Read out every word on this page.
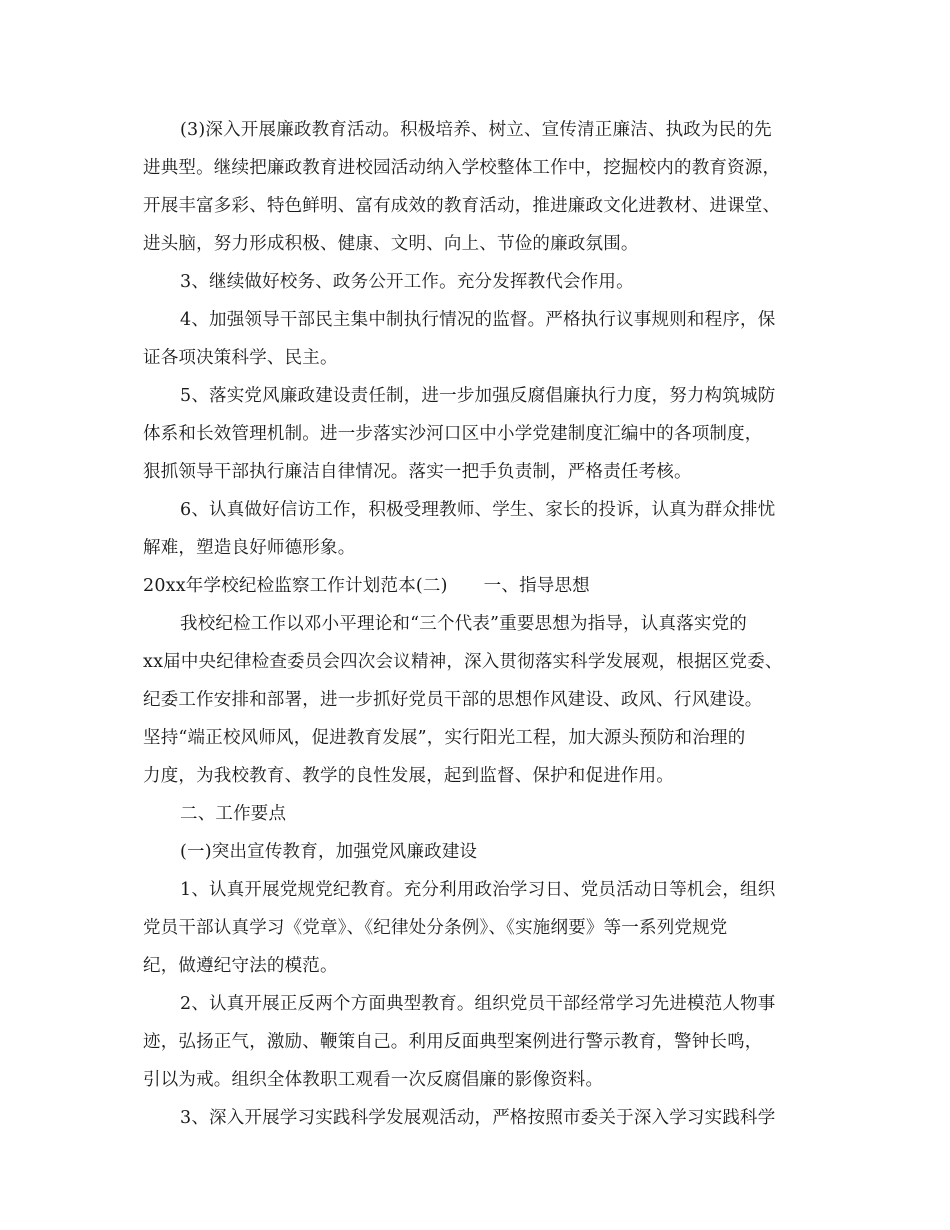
(3)深入开展廉政教育活动。积极培养、树立、宣传清正廉洁、执政为民的先
进典型。继续把廉政教育进校园活动纳入学校整体工作中，挖掘校内的教育资源，
开展丰富多彩、特色鲜明、富有成效的教育活动，推进廉政文化进教材、进课堂、
进头脑，努力形成积极、健康、文明、向上、节俭的廉政氛围。
3、继续做好校务、政务公开工作。充分发挥教代会作用。
4、加强领导干部民主集中制执行情况的监督。严格执行议事规则和程序，保
证各项决策科学、民主。
5、落实党风廉政建设责任制，进一步加强反腐倡廉执行力度，努力构筑城防
体系和长效管理机制。进一步落实沙河口区中小学党建制度汇编中的各项制度，
狠抓领导干部执行廉洁自律情况。落实一把手负责制，严格责任考核。
6、认真做好信访工作，积极受理教师、学生、家长的投诉，认真为群众排忧
解难，塑造良好师德形象。
20xx年学校纪检监察工作计划范本(二) 一、指导思想
我校纪检工作以邓小平理论和“三个代表”重要思想为指导，认真落实党的
xx届中央纪律检查委员会四次会议精神，深入贯彻落实科学发展观，根据区党委、
纪委工作安排和部署，进一步抓好党员干部的思想作风建设、政风、行风建设。
坚持“端正校风师风，促进教育发展”，实行阳光工程，加大源头预防和治理的
力度，为我校教育、教学的良性发展，起到监督、保护和促进作用。
二、工作要点
(一)突出宣传教育，加强党风廉政建设
1、认真开展党规党纪教育。充分利用政治学习日、党员活动日等机会，组织
党员干部认真学习《党章》、《纪律处分条例》、《实施纲要》等一系列党规党
纪，做遵纪守法的模范。
2、认真开展正反两个方面典型教育。组织党员干部经常学习先进模范人物事
迹，弘扬正气，激励、鞭策自己。利用反面典型案例进行警示教育，警钟长鸣，
引以为戒。组织全体教职工观看一次反腐倡廉的影像资料。
3、深入开展学习实践科学发展观活动，严格按照市委关于深入学习实践科学
